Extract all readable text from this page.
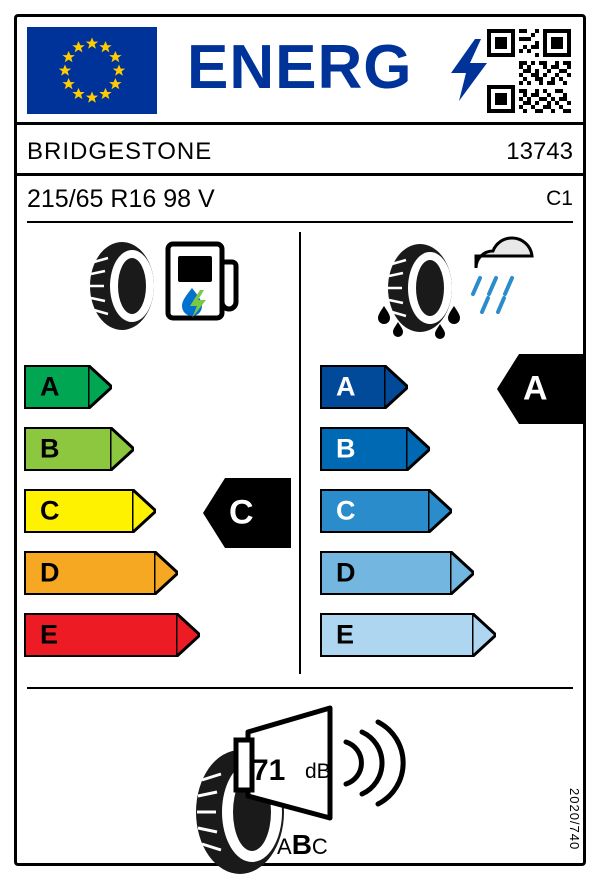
ENERG
BRIDGESTONE	13743
215/65 R16 98 V	C1
A
B
C
D
E
C
A
B
C
D
E
A
71 dB
ABC	2020/740
